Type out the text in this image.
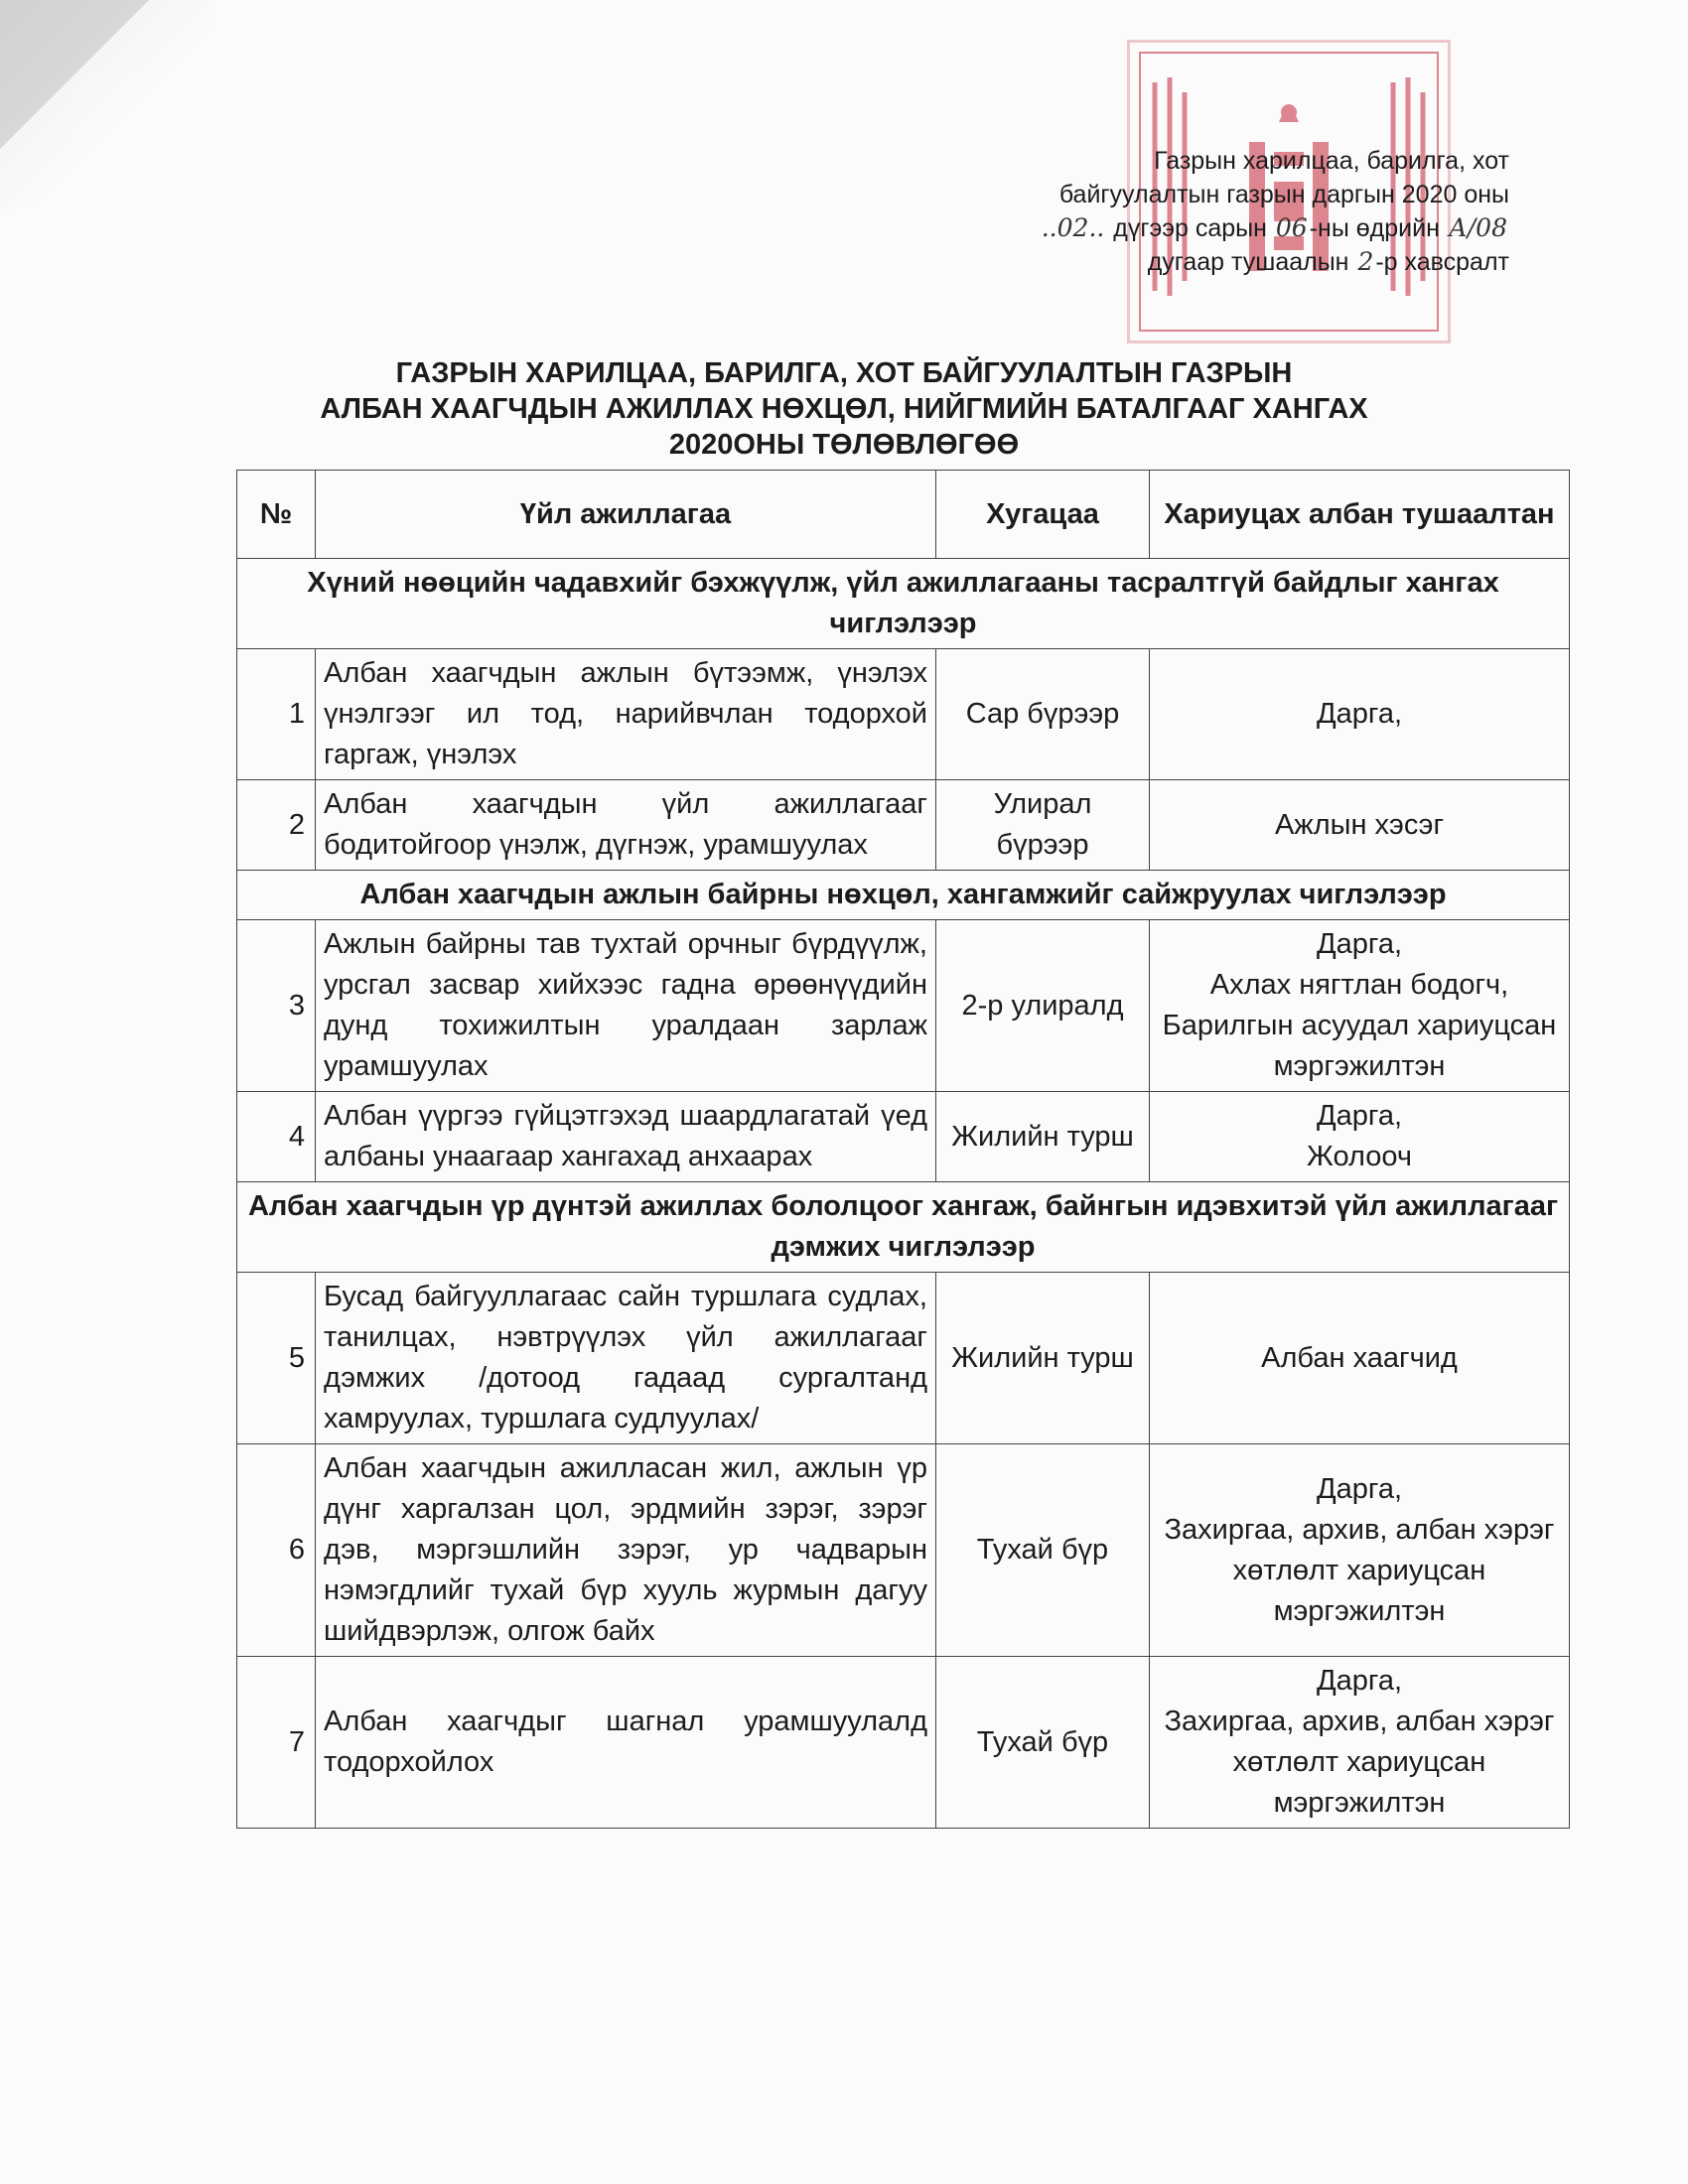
Газрын харилцаа, барилга, хот
байгуулалтын газрын даргын 2020 оны
..02.. дүгээр сарын 06-ны өдрийн А/08
дугаар тушаалын 2-р хавсралт
ГАЗРЫН ХАРИЛЦАА, БАРИЛГА, ХОТ БАЙГУУЛАЛТЫН ГАЗРЫН
АЛБАН ХААГЧДЫН АЖИЛЛАХ НӨХЦӨЛ, НИЙГМИЙН БАТАЛГААГ ХАНГАХ
2020ОНЫ ТӨЛӨВЛӨГӨӨ
№	Үйл ажиллагаа	Хугацаа	Хариуцах албан тушаалтан
Хүний нөөцийн чадавхийг бэхжүүлж, үйл ажиллагааны тасралтгүй байдлыг хангах чиглэлээр			
1	Албан хаагчдын ажлын бүтээмж, үнэлэх үнэлгээг ил тод, нарийвчлан тодорхой гаргаж, үнэлэх	Сар бүрээр	Дарга,

2	Албан хаагчдын үйл ажиллагааг бодитойгоор үнэлж, дүгнэж, урамшуулах	Улирал бүрээр	Ажлын хэсэг

Албан хаагчдын ажлын байрны нөхцөл, хангамжийг сайжруулах чиглэлээр			
3	Ажлын байрны тав тухтай орчныг бүрдүүлж, урсгал засвар хийхээс гадна өрөөнүүдийн дунд тохижилтын уралдаан зарлаж урамшуулах	2-р улиралд	Дарга,
Ахлах нягтлан бодогч,
Барилгын асуудал хариуцсан мэргэжилтэн

4	Албан үүргээ гүйцэтгэхэд шаардлагатай үед албаны унаагаар хангахад анхаарах	Жилийн турш	Дарга,
Жолооч

Албан хаагчдын үр дүнтэй ажиллах бололцоог хангаж, байнгын идэвхитэй үйл ажиллагааг дэмжих чиглэлээр			
5	Бусад байгууллагаас сайн туршлага судлах, танилцах, нэвтрүүлэх үйл ажиллагааг дэмжих /дотоод гадаад сургалтанд хамруулах, туршлага судлуулах/	Жилийн турш	Албан хаагчид

6	Албан хаагчдын ажилласан жил, ажлын үр дүнг харгалзан цол, эрдмийн зэрэг, зэрэг дэв, мэргэшлийн зэрэг, ур чадварын нэмэгдлийг тухай бүр хууль журмын дагуу шийдвэрлэж, олгож байх	Тухай бүр	Дарга,
Захиргаа, архив, албан хэрэг хөтлөлт хариуцсан мэргэжилтэн

7	Албан хаагчдыг шагнал урамшуулалд тодорхойлох	Тухай бүр	Дарга,
Захиргаа, архив, албан хэрэг хөтлөлт хариуцсан мэргэжилтэн
